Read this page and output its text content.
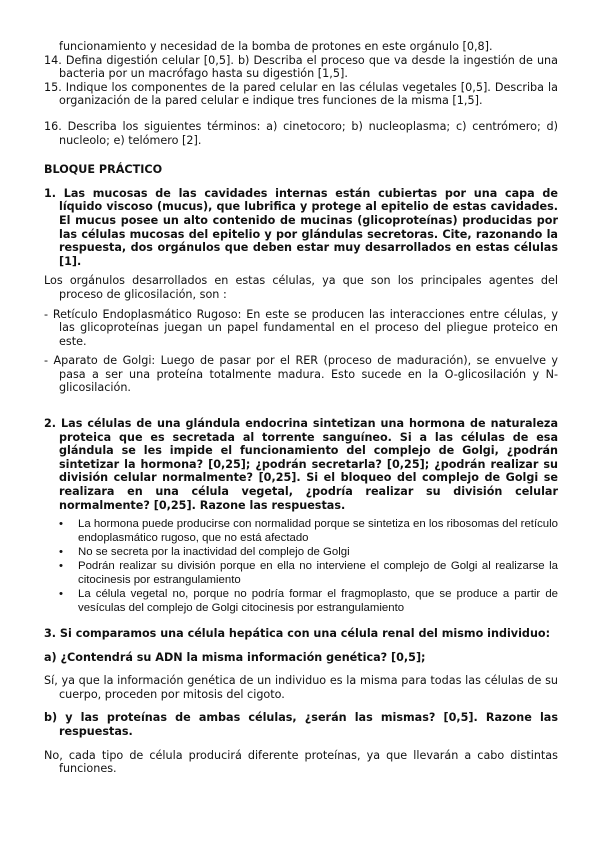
funcionamiento y necesidad de la bomba de protones en este orgánulo [0,8].

14. Defina digestión celular [0,5]. b) Describa el proceso que va desde la ingestión de una bacteria por un macrófago hasta su digestión [1,5].

15. Indique los componentes de la pared celular en las células vegetales [0,5]. Describa la organización de la pared celular e indique tres funciones de la misma [1,5].

16. Describa los siguientes términos: a) cinetocoro; b) nucleoplasma; c) centrómero; d) nucleolo; e) telómero [2].

BLOQUE PRÁCTICO

1. Las mucosas de las cavidades internas están cubiertas por una capa de líquido viscoso (mucus), que lubrifica y protege al epitelio de estas cavidades. El mucus posee un alto contenido de mucinas (glicoproteínas) producidas por las células mucosas del epitelio y por glándulas secretoras. Cite, razonando la respuesta, dos orgánulos que deben estar muy desarrollados en estas células [1].

Los orgánulos desarrollados en estas células, ya que son los principales agentes del proceso de glicosilación, son :

- Retículo Endoplasmático Rugoso: En este se producen las interacciones entre células, y las glicoproteínas juegan un papel fundamental en el proceso del pliegue proteico en este.

- Aparato de Golgi: Luego de pasar por el RER (proceso de maduración), se envuelve y pasa a ser una proteína totalmente madura. Esto sucede en la O-glicosilación y N-glicosilación.

2. Las células de una glándula endocrina sintetizan una hormona de naturaleza proteica que es secretada al torrente sanguíneo. Si a las células de esa glándula se les impide el funcionamiento del complejo de Golgi, ¿podrán sintetizar la hormona? [0,25]; ¿podrán secretarla? [0,25]; ¿podrán realizar su división celular normalmente? [0,25]. Si el bloqueo del complejo de Golgi se realizara en una célula vegetal, ¿podría realizar su división celular normalmente? [0,25]. Razone las respuestas.

• La hormona puede producirse con normalidad porque se sintetiza en los ribosomas del retículo endoplasmático rugoso, que no está afectado
• No se secreta por la inactividad del complejo de Golgi
• Podrán realizar su división porque en ella no interviene el complejo de Golgi al realizarse la citocinesis por estrangulamiento
• La célula vegetal no, porque no podría formar el fragmoplasto, que se produce a partir de vesículas del complejo de Golgi citocinesis por estrangulamiento

3. Si comparamos una célula hepática con una célula renal del mismo individuo:

a) ¿Contendrá su ADN la misma información genética? [0,5];

Sí, ya que la información genética de un individuo es la misma para todas las células de su cuerpo, proceden por mitosis del cigoto.

b) y las proteínas de ambas células, ¿serán las mismas? [0,5]. Razone las respuestas.

No, cada tipo de célula producirá diferente proteínas, ya que llevarán a cabo distintas funciones.
